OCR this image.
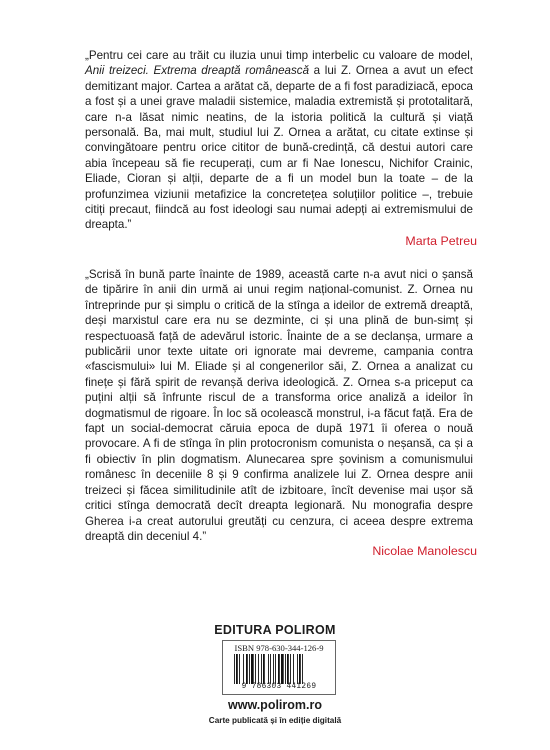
„Pentru cei care au trăit cu iluzia unui timp interbelic cu valoare de model, Anii treizeci. Extrema dreaptă românească a lui Z. Ornea a avut un efect demitizant major. Cartea a arătat că, departe de a fi fost paradiziacă, epoca a fost și a unei grave maladii sistemice, maladia extremistă și prototalitară, care n-a lăsat nimic neatins, de la istoria politică la cultură și viață personală. Ba, mai mult, studiul lui Z. Ornea a arătat, cu citate extinse și convingătoare pentru orice cititor de bună-credință, că destui autori care abia începeau să fie recuperați, cum ar fi Nae Ionescu, Nichifor Crainic, Eliade, Cioran și alții, departe de a fi un model bun la toate – de la profunzimea viziunii metafizice la concretețea soluțiilor politice –, trebuie citiți precaut, fiindcă au fost ideologi sau numai adepți ai extremismului de dreapta.”
Marta Petreu
„Scrisă în bună parte înainte de 1989, această carte n-a avut nici o șansă de tipărire în anii din urmă ai unui regim național-comunist. Z. Ornea nu întreprinde pur și simplu o critică de la stînga a ideilor de extremă dreaptă, deși marxistul care era nu se dezminte, ci și una plină de bun-simț și respectuoasă față de adevărul istoric. Înainte de a se declanșa, urmare a publicării unor texte uitate ori ignorate mai devreme, campania contra «fascismului» lui M. Eliade și al congenerilor săi, Z. Ornea a analizat cu finețe și fără spirit de revanșă deriva ideologică. Z. Ornea s-a priceput ca puțini alții să înfrunte riscul de a transforma orice analiză a ideilor în dogmatismul de rigoare. În loc să ocolească monstrul, i-a făcut față. Era de fapt un social-democrat căruia epoca de după 1971 îi oferea o nouă provocare. A fi de stînga în plin protocronism comunista o neșansă, ca și a fi obiectiv în plin dogmatism. Alunecarea spre șovinism a comunismului românesc în deceniile 8 și 9 confirma analizele lui Z. Ornea despre anii treizeci și făcea similitudinile atît de izbitoare, încît devenise mai ușor să critici stînga democrată decît dreapta legionară. Nu monografia despre Gherea i-a creat autorului greutăți cu cenzura, ci aceea despre extrema dreaptă din deceniul 4.”
Nicolae Manolescu
EDITURA POLIROM
ISBN 978-630-344-126-9
9 786303 441269
www.polirom.ro
Carte publicată și în ediție digitală
